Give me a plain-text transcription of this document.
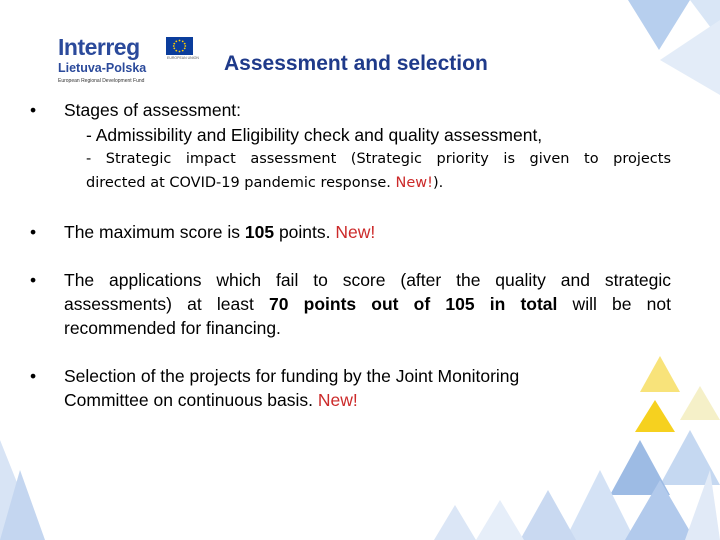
Interreg	EUROPEAN UNION
Lietuva-Polska
European Regional Development Fund
Assessment and selection
•	Stages of assessment:
- Admissibility and Eligibility check and quality assessment,
- Strategic impact assessment (Strategic priority is given to projects
directed at COVID-19 pandemic response. New!).
•	The maximum score is 105 points. New!
•	The applications which fail to score (after the quality and strategic
assessments) at least 70 points out of 105 in total will be not
recommended for financing.
•	Selection of the projects for funding by the Joint Monitoring
Committee on continuous basis. New!
